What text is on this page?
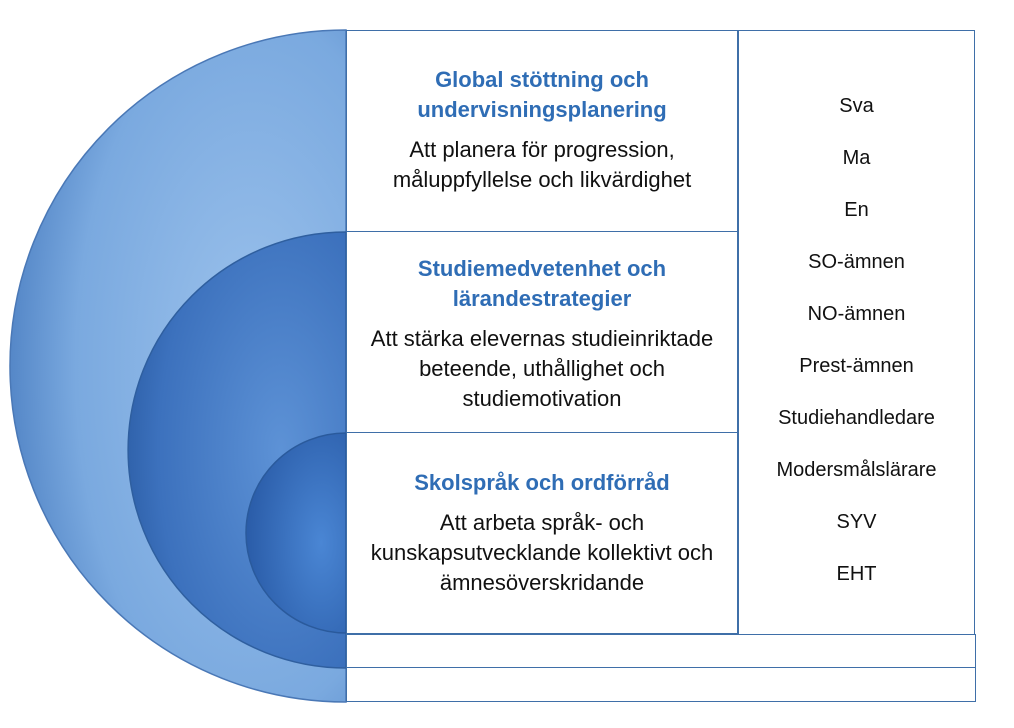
Global stöttning och undervisningsplanering
Att planera för progression, måluppfyllelse och likvärdighet
Studiemedvetenhet och lärandestrategier
Att stärka elevernas studieinriktade beteende, uthållighet och studiemotivation
Skolspråk och ordförråd
Att arbeta språk- och kunskapsutvecklande kollektivt och ämnesöverskridande
Sva
Ma
En
SO-ämnen
NO-ämnen
Prest-ämnen
Studiehandledare
Modersmålslärare
SYV
EHT
